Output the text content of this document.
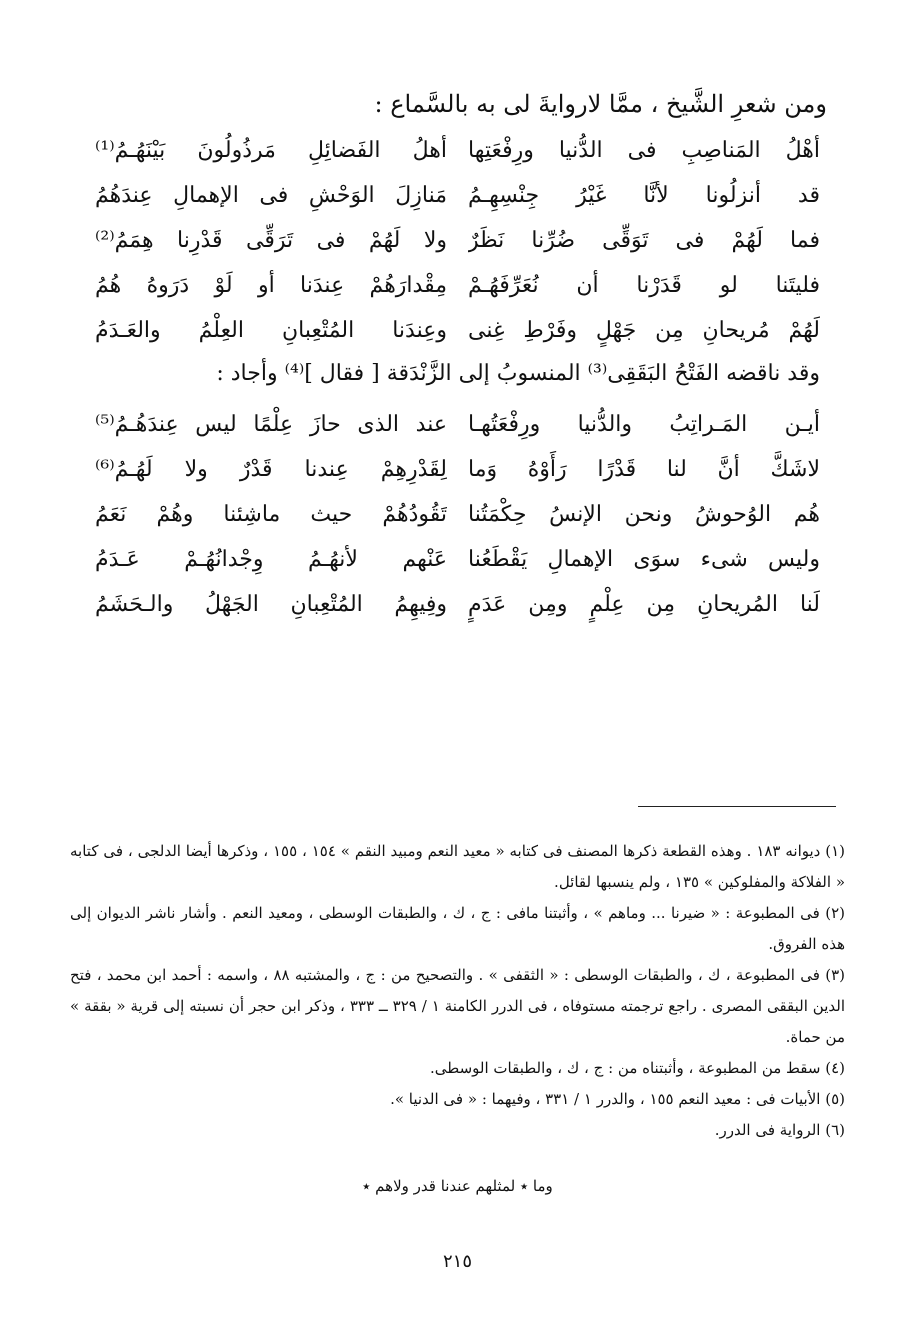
ومن شعرِ الشَّيخ ، ممَّا لاروايةَ لى به بالسَّماع :
أهْلُ المَناصِبِ فى الدُّنيا ورِفْعَتِها
أهلُ الفَضائِلِ مَرذُولُونَ بَيْنَهُـمُ⁽¹⁾
قد أنزلُونا لأنَّا غَيْرُ جِنْسِهِـمُ
مَنازِلَ الوَحْشِ فى الإهمالِ عِندَهُمُ
فما لَهُمْ فى تَوَقِّى ضُرِّنا نَظَرٌ
ولا لَهُمْ فى تَرَقِّى قَدْرِنا هِمَمُ⁽²⁾
فليتَنا لو قَدَرْنا أن نُعَرِّفَهُـمْ
مِقْدارَهُمْ عِندَنا أو لَوْ دَرَوهُ هُمُ
لَهُمْ مُريحانِ مِن جَهْلٍ وفَرْطِ غِنى
وعِندَنا المُتْعِبانِ العِلْمُ والعَـدَمُ
وقد ناقضه الفَتْحُ البَقَقِى⁽³⁾ المنسوبُ إلى الزَّنْدَقة [ فقال ]⁽⁴⁾ وأجاد :
أيـن المَـراتِبُ والدُّنيا ورِفْعَتُهـا
عند الذى حازَ عِلْمًا ليس عِندَهُـمُ⁽⁵⁾
لاشَكَّ أنَّ لنا قَدْرًا رَأَوْهُ وَما
لِقَدْرِهِمْ عِندنا قَدْرٌ ولا لَهُـمُ⁽⁶⁾
هُم الوُحوشُ ونحن الإنسُ حِكْمَتُنا
تَقُودُهُمْ حيث ماشِئنا وهُمْ نَعَمُ
وليس شىء سوَى الإهمالِ يَقْطَعُنا
عَنْهم لأنهُـمُ وِجْدانُهُـمْ عَـدَمُ
لَنا المُريحانِ مِن عِلْمٍ ومِن عَدَمٍ
وفِيهِمُ المُتْعِبانِ الجَهْلُ والـحَشَمُ

(١) ديوانه ١٨٣ . وهذه القطعة ذكرها المصنف فى كتابه « معيد النعم ومبيد النقم » ١٥٤ ، ١٥٥ ، وذكرها أيضا الدلجى ، فى كتابه « الفلاكة والمفلوكين » ١٣٥ ، ولم ينسبها لقائل.

(٢) فى المطبوعة : « ضيرنا ... وماهم » ، وأثبتنا مافى : ج ، ك ، والطبقات الوسطى ، ومعيد النعم . وأشار ناشر الديوان إلى هذه الفروق.

(٣) فى المطبوعة ، ك ، والطبقات الوسطى : « الثقفى » . والتصحيح من : ج ، والمشتبه ٨٨ ، واسمه : أحمد ابن محمد ، فتح الدين البققى المصرى . راجع ترجمته مستوفاه ، فى الدرر الكامنة ١ / ٣٢٩ ــ ٣٣٣ ، وذكر ابن حجر أن نسبته إلى قرية « بققة » من حماة.

(٤) سقط من المطبوعة ، وأثبتناه من : ج ، ك ، والطبقات الوسطى.

(٥) الأبيات فى : معيد النعم ١٥٥ ، والدرر ١ / ٣٣١ ، وفيهما : « فى الدنيا ».

(٦) الرواية فى الدرر.

وما ٭ لمثلهم عندنا قدر ولاهم ٭
٢١٥
